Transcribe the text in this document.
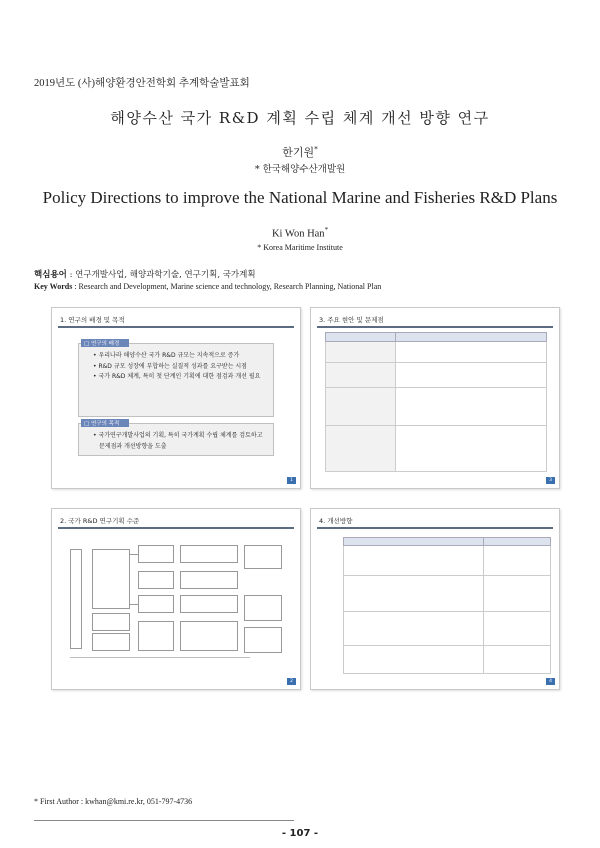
2019년도 (사)해양환경안전학회 추계학술발표회
해양수산 국가 R&D 계획 수립 체계 개선 방향 연구
한기원*
* 한국해양수산개발원
Policy Directions to improve the National Marine and Fisheries R&D Plans
Ki Won Han*
* Korea Maritime Institute
핵심용어 : 연구개발사업, 해양과학기술, 연구기획, 국가계획
Key Words : Research and Development, Marine science and technology, Research Planning, National Plan
1. 연구의 배경 및 목적
□ 연구의 배경
• 우리나라 해양수산 국가 R&D 규모는 지속적으로 증가
• R&D 규모 성장에 부합하는 실질적 성과를 요구받는 시점
• 국가 R&D 체계, 특히 첫 단계인 기획에 대한 점검과 개선 필요
□ 연구의 목적
• 국가연구개발사업의 기획, 특히 국가계획 수립 체계를 검토하고 문제점과 개선방향을 도출
1
3. 주요 현안 및 문제점

3
2. 국가 R&D 연구기획 수준
2
4. 개선방향

4
* First Author : kwhan@kmi.re.kr, 051-797-4736
- 107 -
